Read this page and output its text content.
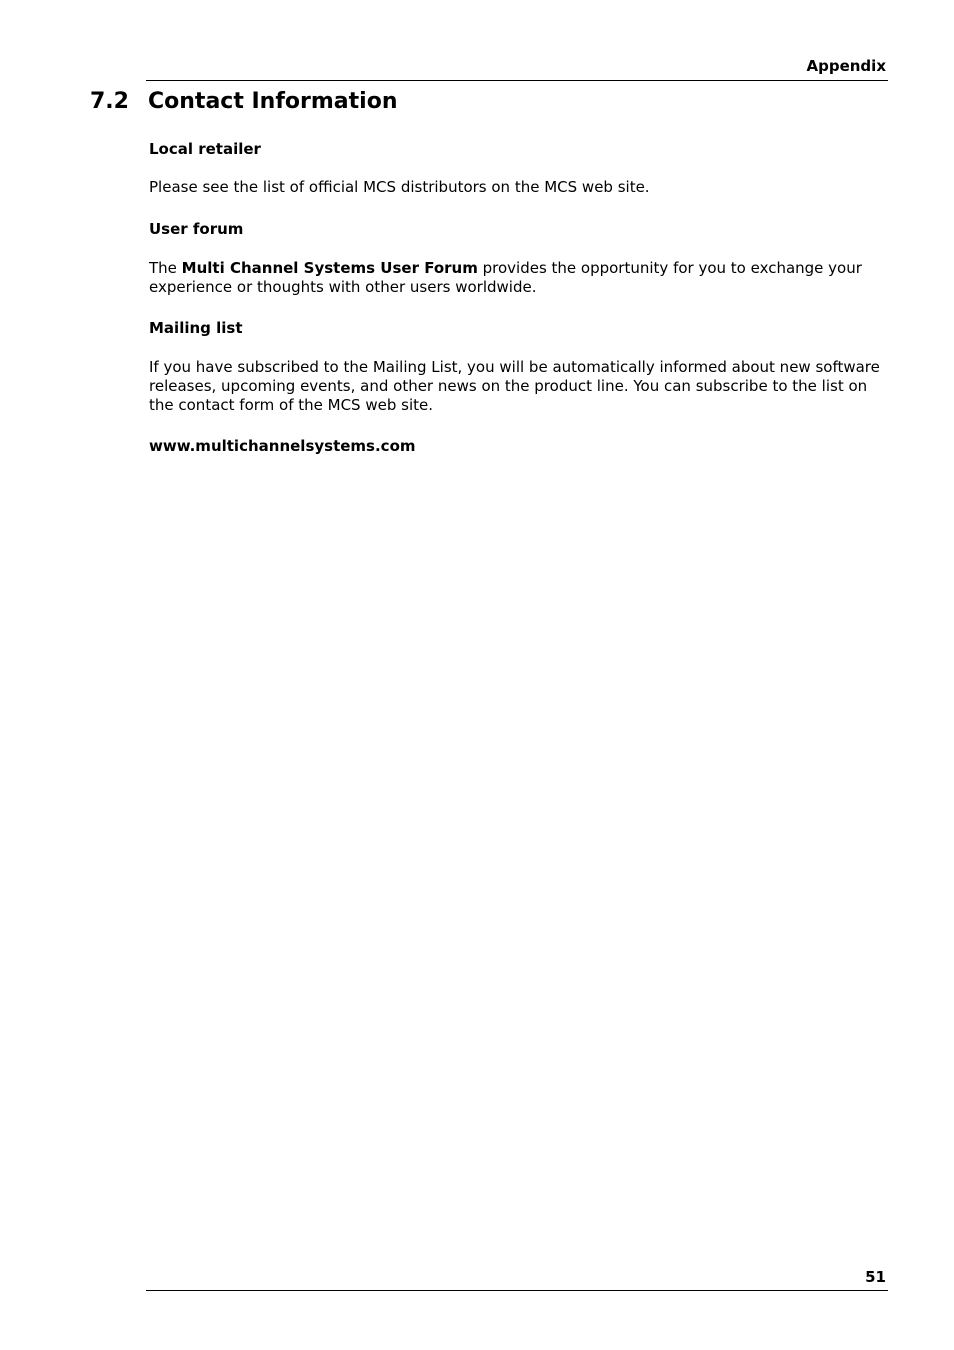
Appendix
7.2 Contact Information

Local retailer

Please see the list of official MCS distributors on the MCS web site.

User forum

The Multi Channel Systems User Forum provides the opportunity for you to exchange your experience or thoughts with other users worldwide.

Mailing list

If you have subscribed to the Mailing List, you will be automatically informed about new software releases, upcoming events, and other news on the product line. You can subscribe to the list on the contact form of the MCS web site.

www.multichannelsystems.com

51
